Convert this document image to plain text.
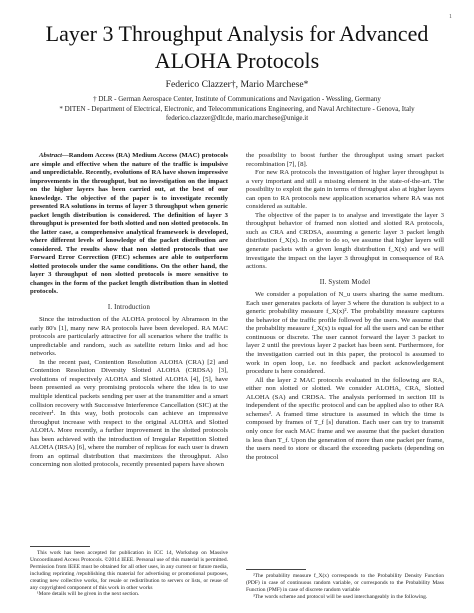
1
Layer 3 Throughput Analysis for Advanced
ALOHA Protocols
Federico Clazzer†, Mario Marchese*
† DLR - German Aerospace Center, Institute of Communications and Navigation - Wessling, Germany
* DITEN - Department of Electrical, Electronic, and Telecommunications Engineering, and Naval Architecture - Genova, Italy
federico.clazzer@dlr.de, mario.marchese@unige.it

Abstract—Random Access (RA) Medium Access (MAC) protocols are simple and effective when the nature of the traffic is impulsive and unpredictable. Recently, evolutions of RA have shown impressive improvements in the throughput, but no investigation on the impact on the higher layers has been carried out, at the best of our knowledge. The objective of the paper is to investigate recently presented RA solutions in terms of layer 3 throughput when generic packet length distribution is considered. The definition of layer 3 throughput is presented for both slotted and non slotted protocols. In the latter case, a comprehensive analytical framework is developed, where different levels of knowledge of the packet distribution are considered. The results show that non slotted protocols that use Forward Error Correction (FEC) schemes are able to outperform slotted protocols under the same conditions. On the other hand, the layer 3 throughput of non slotted protocols is more sensitive to changes in the form of the packet length distribution than in slotted protocols.

I. Introduction

Since the introduction of the ALOHA protocol by Abramson in the early 80's [1], many new RA protocols have been developed. RA MAC protocols are particularly attractive for all scenarios where the traffic is unpredictable and random, such as satellite return links and ad hoc networks.

In the recent past, Contention Resolution ALOHA (CRA) [2] and Contention Resolution Diversity Slotted ALOHA (CRDSA) [3], evolutions of respectively ALOHA and Slotted ALOHA [4], [5], have been presented as very promising protocols where the idea is to use multiple identical packets sending per user at the transmitter and a smart collision recovery with Successive Interference Cancellation (SIC) at the receiver¹. In this way, both protocols can achieve an impressive throughput increase with respect to the original ALOHA and Slotted ALOHA. More recently, a further improvement in the slotted protocols has been achieved with the introduction of Irregular Repetition Slotted ALOHA (IRSA) [6], where the number of replicas for each user is drawn from an optimal distribution that maximizes the throughput. Also concerning non slotted protocols, recently presented papers have shown

the possibility to boost further the throughput using smart packet recombination [7], [8].

For new RA protocols the investigation of higher layer throughput is a very important and still a missing element in the state-of-the-art. The possibility to exploit the gain in terms of throughput also at higher layers can open to RA protocols new application scenarios where RA was not considered as suitable.

The objective of the paper is to analyse and investigate the layer 3 throughput behavior of framed non slotted and slotted RA protocols, such as CRA and CRDSA, assuming a generic layer 3 packet length distribution f_X(x). In order to do so, we assume that higher layers will generate packets with a given length distribution f_X(x) and we will investigate the impact on the layer 3 throughput in consequence of RA actions.

II. System Model

We consider a population of N_u users sharing the same medium. Each user generates packets of layer 3 where the duration is subject to a generic probability measure f_X(x)². The probability measure captures the behavior of the traffic profile followed by the users. We assume that the probability measure f_X(x) is equal for all the users and can be either continuous or discrete. The user cannot forward the layer 3 packet to layer 2 until the previous layer 2 packet has been sent. Furthermore, for the investigation carried out in this paper, the protocol is assumed to work in open loop, i.e. no feedback and packet acknowledgement procedure is here considered.

All the layer 2 MAC protocols evaluated in the following are RA, either non slotted or slotted. We consider ALOHA, CRA, Slotted ALOHA (SA) and CRDSA. The analysis performed in section III is independent of the specific protocol and can be applied also to other RA schemes³. A framed time structure is assumed in which the time is composed by frames of T_f [s] duration. Each user can try to transmit only once for each MAC frame and we assume that the packet duration is less than T_f. Upon the generation of more than one packet per frame, the users need to store or discard the exceeding packets (depending on the protocol

This work has been accepted for publication in ICC 14, Workshop on Massive Uncoordinated Access Protocols. ©2014 IEEE. Personal use of this material is permitted. Permission from IEEE must be obtained for all other uses, in any current or future media, including reprinting /republishing this material for advertising or promotional purposes, creating new collective works, for resale or redistribution to servers or lists, or reuse of any copyrighted component of this work in other works

¹More details will be given in the next section.

²The probability measure f_X(x) corresponds to the Probability Density Function (PDF) in case of continuous random variable, or corresponds to the Probability Mass Function (PMF) in case of discrete random variable

³The words scheme and protocol will be used interchangeably in the following.
